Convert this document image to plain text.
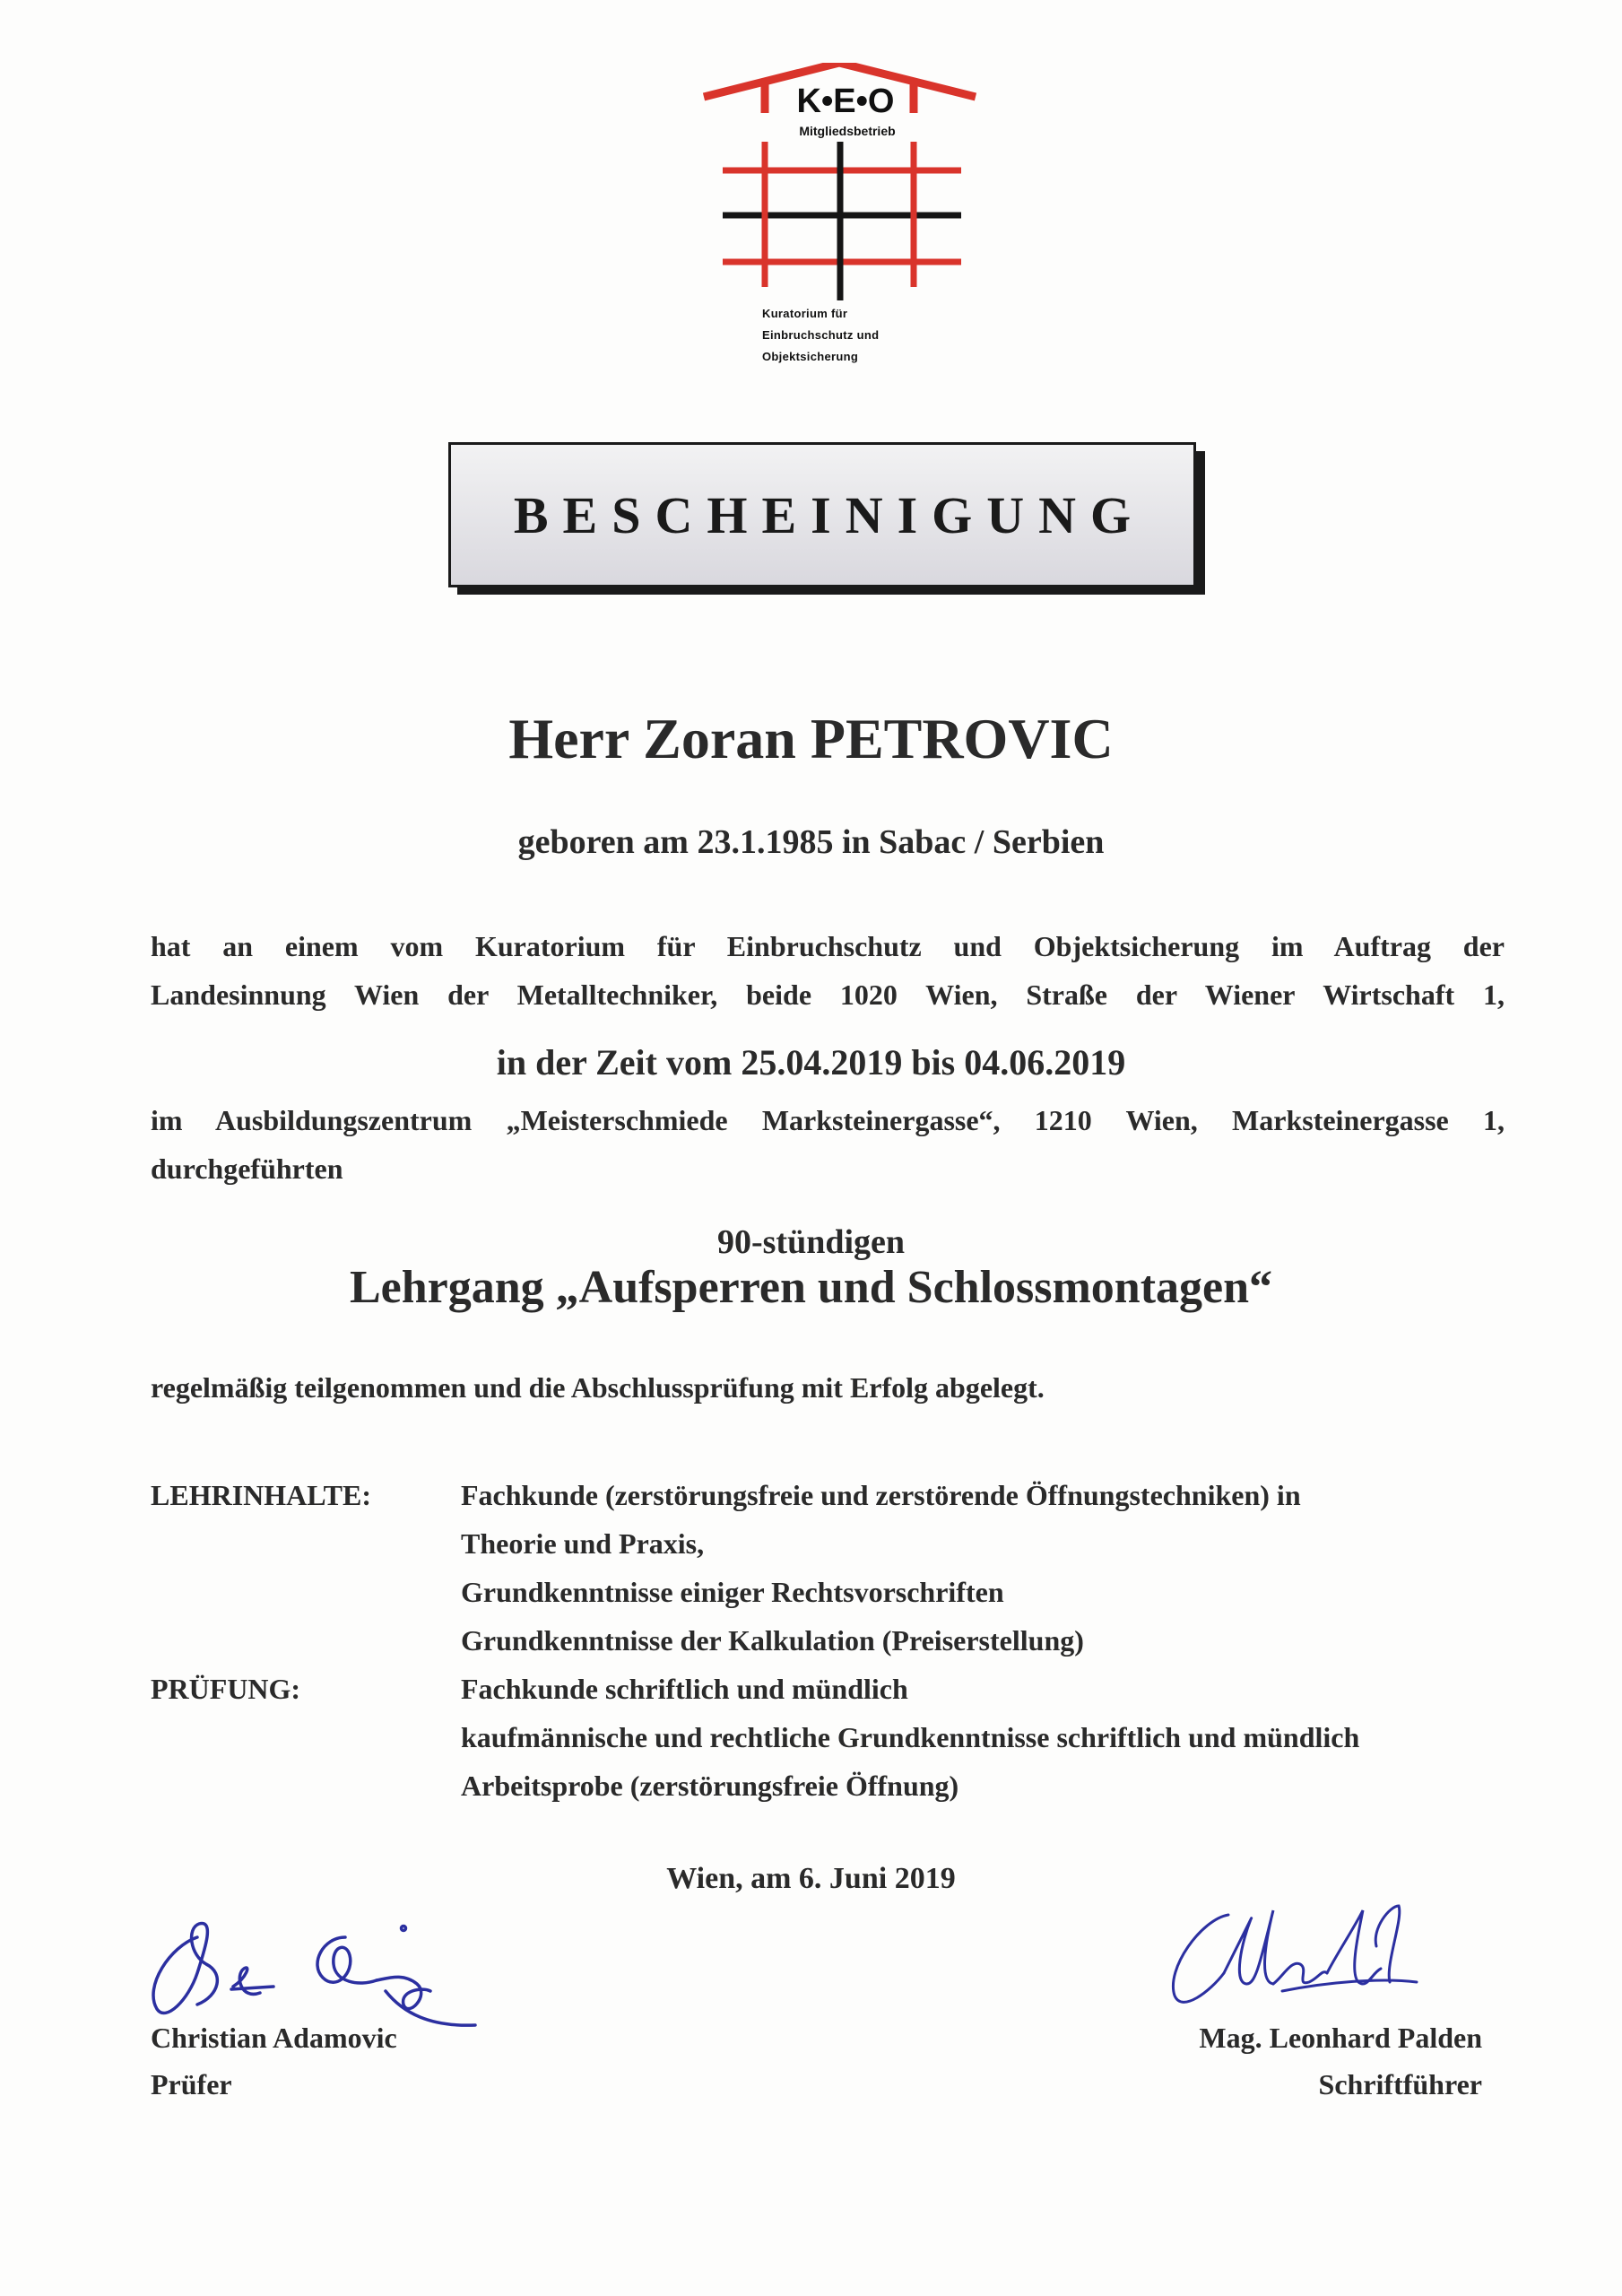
K•E•O
Mitgliedsbetrieb
Kuratorium für
Einbruchschutz und
Objektsicherung
BESCHEINIGUNG
Herr Zoran PETROVIC
geboren am 23.1.1985 in Sabac / Serbien
hat an einem vom Kuratorium für Einbruchschutz und Objektsicherung im Auftrag der
Landesinnung Wien der Metalltechniker, beide 1020 Wien, Straße der Wiener Wirtschaft 1,
in der Zeit vom 25.04.2019 bis 04.06.2019
im Ausbildungszentrum „Meisterschmiede Marksteinergasse“, 1210 Wien, Marksteinergasse 1,
durchgeführten
90-stündigen
Lehrgang „Aufsperren und Schlossmontagen“
regelmäßig teilgenommen und die Abschlussprüfung mit Erfolg abgelegt.
LEHRINHALTE:	Fachkunde (zerstörungsfreie und zerstörende Öffnungstechniken) in
Theorie und Praxis,
Grundkenntnisse einiger Rechtsvorschriften
Grundkenntnisse der Kalkulation (Preiserstellung)
PRÜFUNG:	Fachkunde schriftlich und mündlich
kaufmännische und rechtliche Grundkenntnisse schriftlich und mündlich
Arbeitsprobe (zerstörungsfreie Öffnung)
Wien, am 6. Juni 2019
Christian Adamovic
Prüfer
Mag. Leonhard Palden
Schriftführer
